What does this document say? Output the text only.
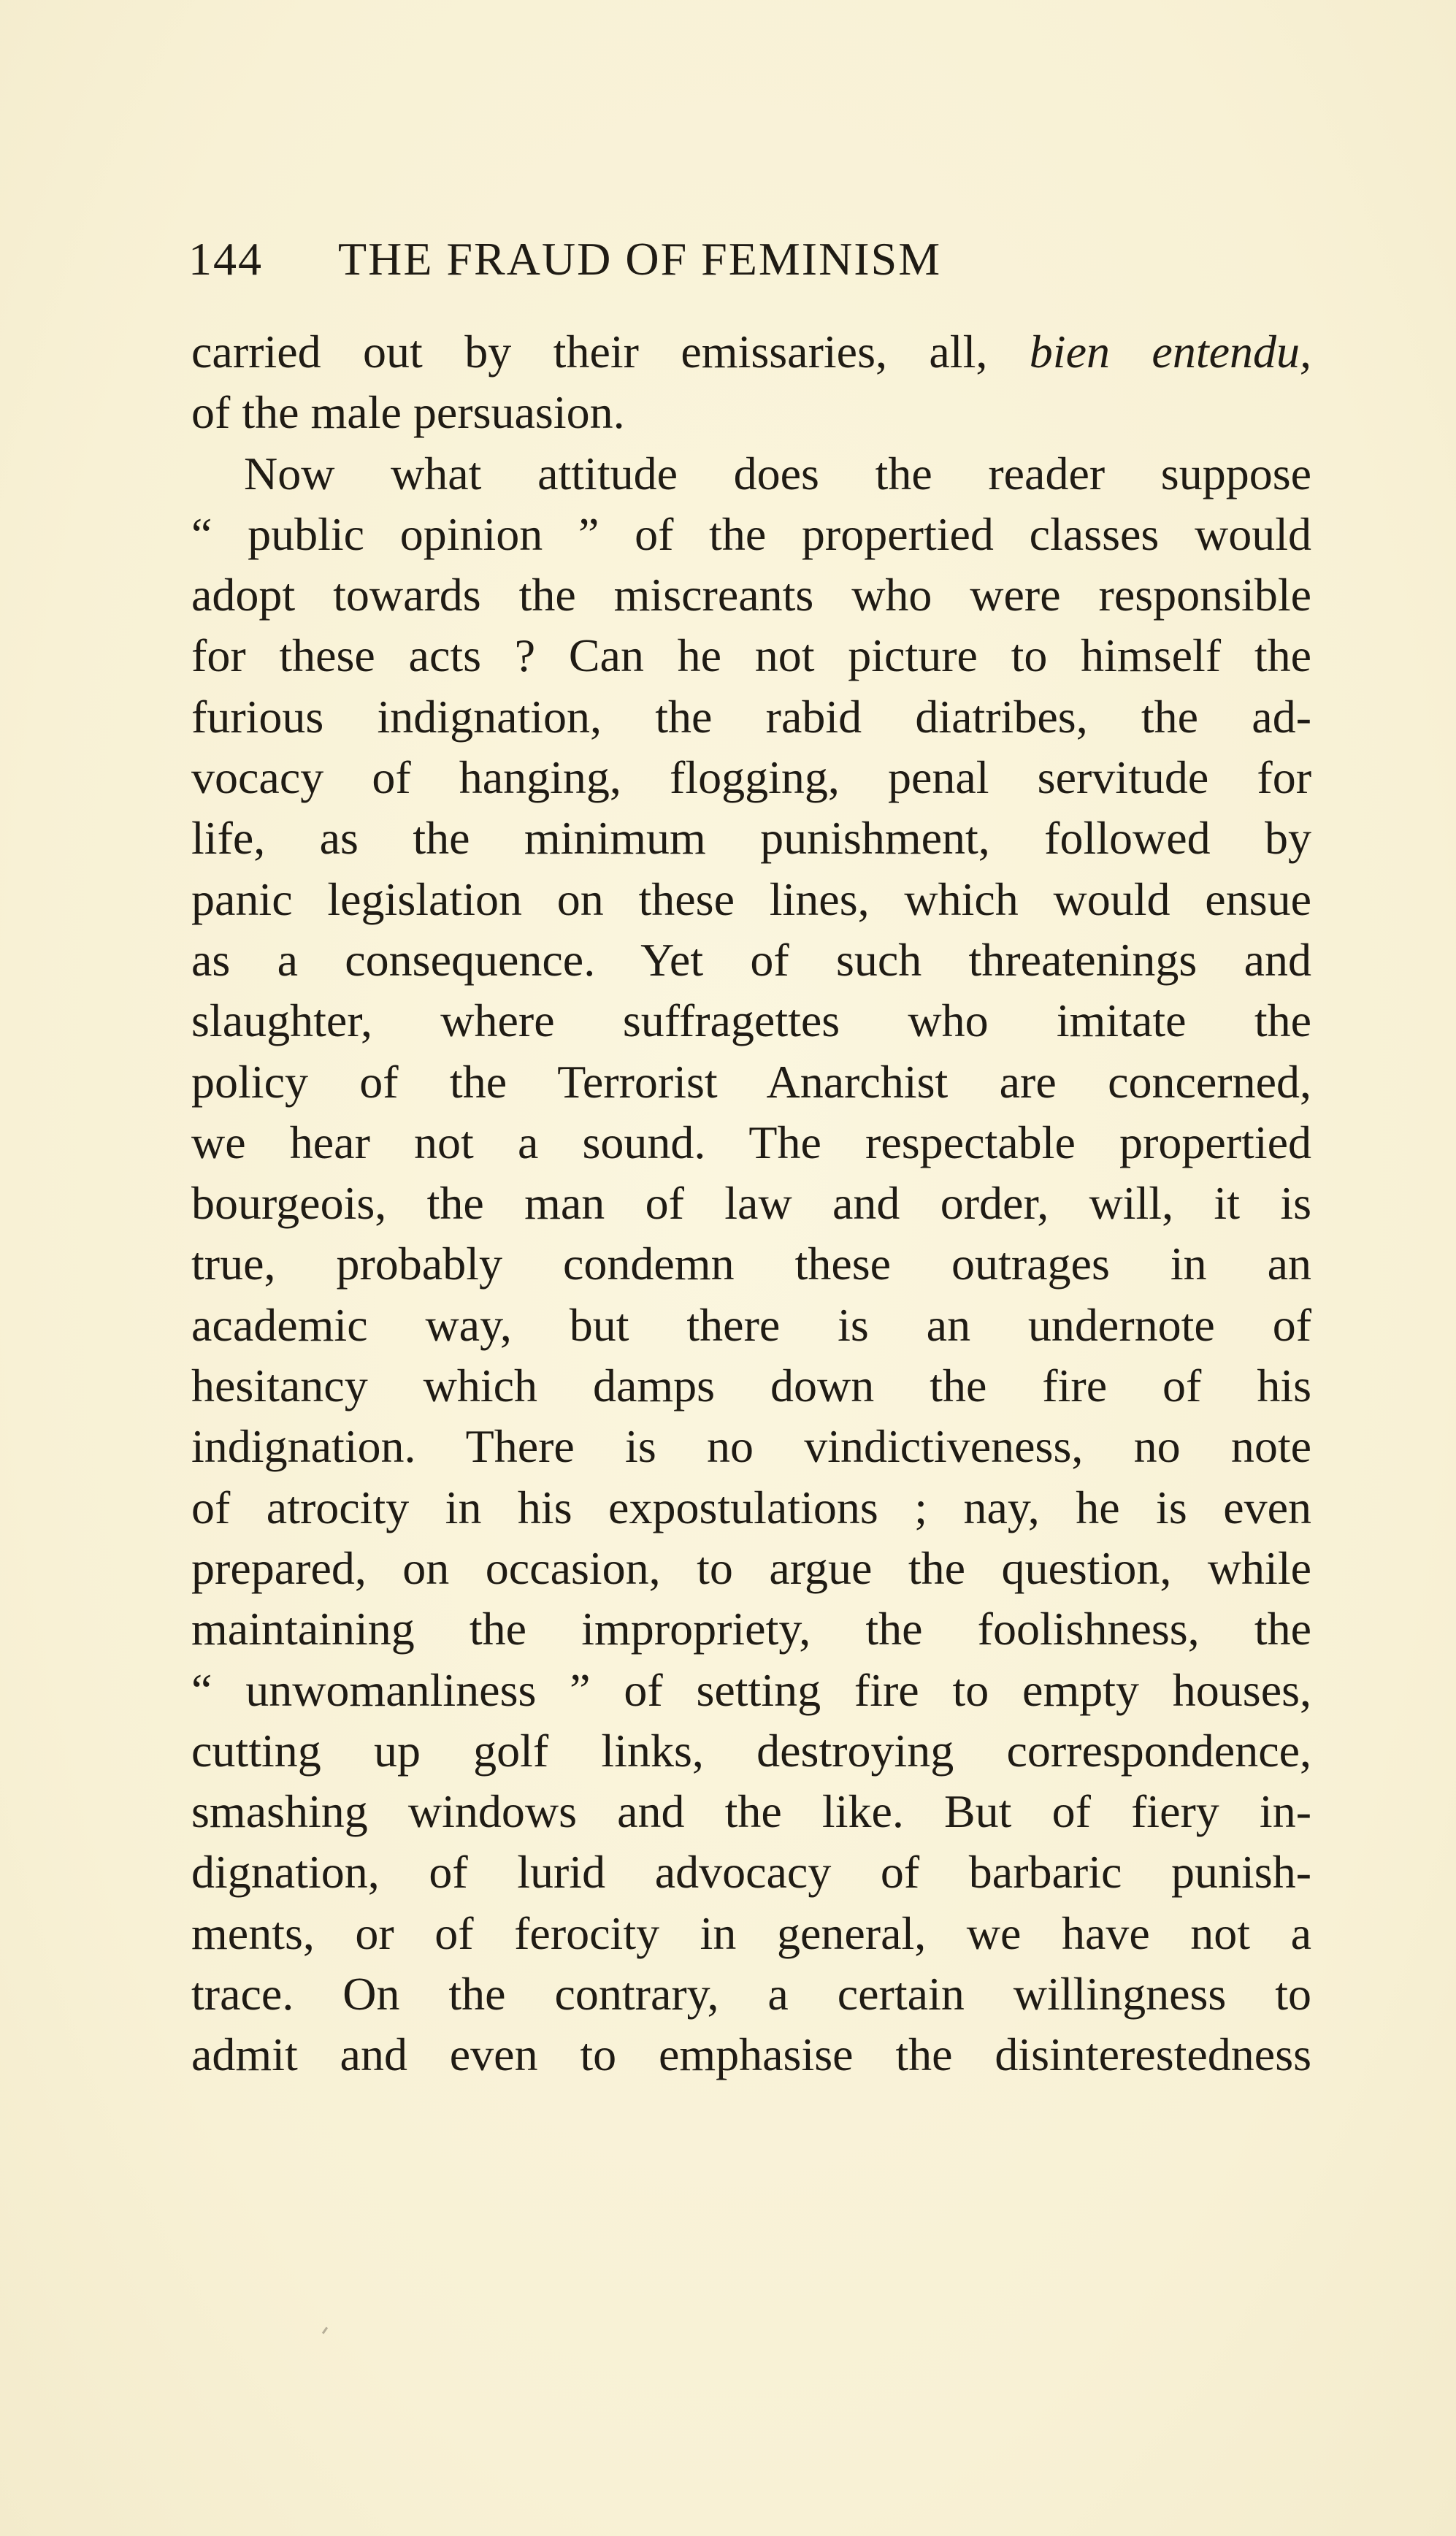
144 THE FRAUD OF FEMINISM
carried out by their emissaries, all, bien entendu,
of the male persuasion.
Now what attitude does the reader suppose
“ public opinion ” of the propertied classes would
adopt towards the miscreants who were responsible
for these acts ? Can he not picture to himself the
furious indignation, the rabid diatribes, the ad-
vocacy of hanging, flogging, penal servitude for
life, as the minimum punishment, followed by
panic legislation on these lines, which would ensue
as a consequence. Yet of such threatenings and
slaughter, where suffragettes who imitate the
policy of the Terrorist Anarchist are concerned,
we hear not a sound. The respectable propertied
bourgeois, the man of law and order, will, it is
true, probably condemn these outrages in an
academic way, but there is an undernote of
hesitancy which damps down the fire of his
indignation. There is no vindictiveness, no note
of atrocity in his expostulations ; nay, he is even
prepared, on occasion, to argue the question, while
maintaining the impropriety, the foolishness, the
“ unwomanliness ” of setting fire to empty houses,
cutting up golf links, destroying correspondence,
smashing windows and the like. But of fiery in-
dignation, of lurid advocacy of barbaric punish-
ments, or of ferocity in general, we have not a
trace. On the contrary, a certain willingness to
admit and even to emphasise the disinterestedness
